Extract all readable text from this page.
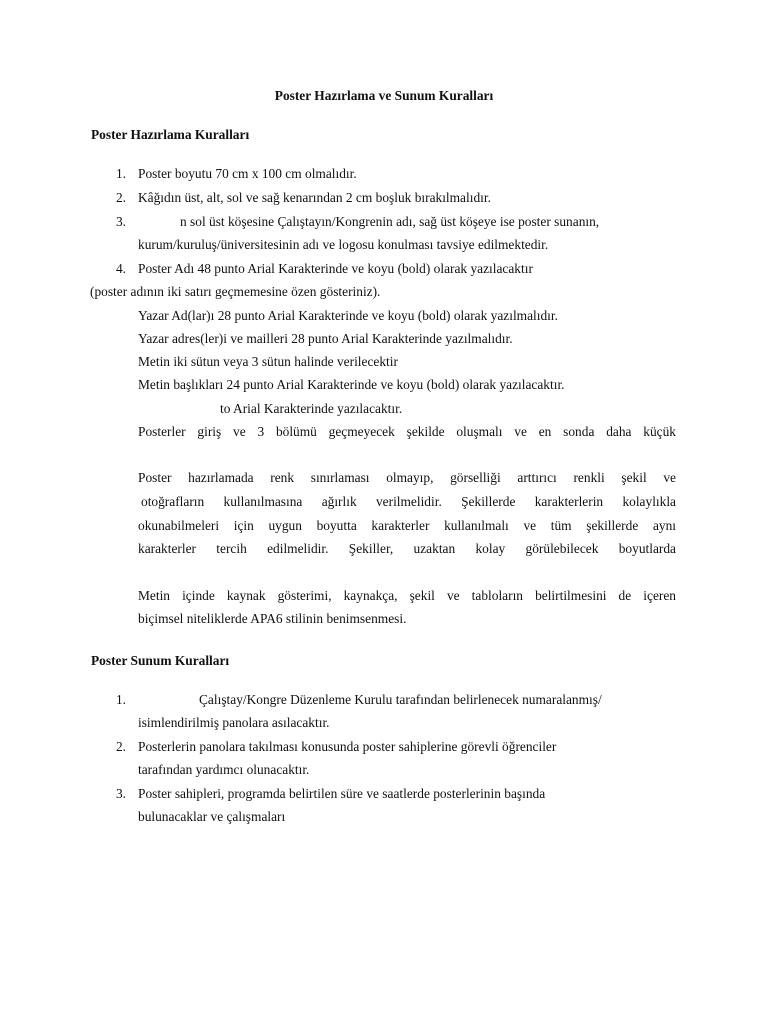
Poster Hazırlama ve Sunum Kuralları
Poster Hazırlama Kuralları
1. Poster boyutu 70 cm x 100 cm olmalıdır.
2. Kâğıdın üst, alt, sol ve sağ kenarından 2 cm boşluk bırakılmalıdır.
3.	n sol üst köşesine Çalıştayın/Kongrenin adı, sağ üst köşeye ise poster sunanın,
kurum/kuruluş/üniversitesinin adı ve logosu konulması tavsiye edilmektedir.
4. Poster Adı 48 punto Arial Karakterinde ve koyu (bold) olarak yazılacaktır
(poster adının iki satırı geçmemesine özen gösteriniz).
Yazar Ad(lar)ı 28 punto Arial Karakterinde ve koyu (bold) olarak yazılmalıdır.
Yazar adres(ler)i ve mailleri 28 punto Arial Karakterinde yazılmalıdır.
Metin iki sütun veya 3 sütun halinde verilecektir
Metin başlıkları 24 punto Arial Karakterinde ve koyu (bold) olarak yazılacaktır.
to Arial Karakterinde yazılacaktır.
Posterler giriş ve 3 bölümü geçmeyecek şekilde oluşmalı ve en sonda daha küçük
Poster hazırlamada renk sınırlaması olmayıp, görselliği arttırıcı renkli şekil ve
otoğrafların kullanılmasına ağırlık verilmelidir. Şekillerde karakterlerin kolaylıkla
okunabilmeleri için uygun boyutta karakterler kullanılmalı ve tüm şekillerde aynı
karakterler tercih edilmelidir. Şekiller, uzaktan kolay görülebilecek boyutlarda
Metin içinde kaynak gösterimi, kaynakça, şekil ve tabloların belirtilmesini de içeren
biçimsel niteliklerde APA6 stilinin benimsenmesi.
Poster Sunum Kuralları
1.	Çalıştay/Kongre Düzenleme Kurulu tarafından belirlenecek numaralanmış/
isimlendirilmiş panolara asılacaktır.
2. Posterlerin panolara takılması konusunda poster sahiplerine görevli öğrenciler
tarafından yardımcı olunacaktır.
3. Poster sahipleri, programda belirtilen süre ve saatlerde posterlerinin başında
bulunacaklar ve çalışmaları
